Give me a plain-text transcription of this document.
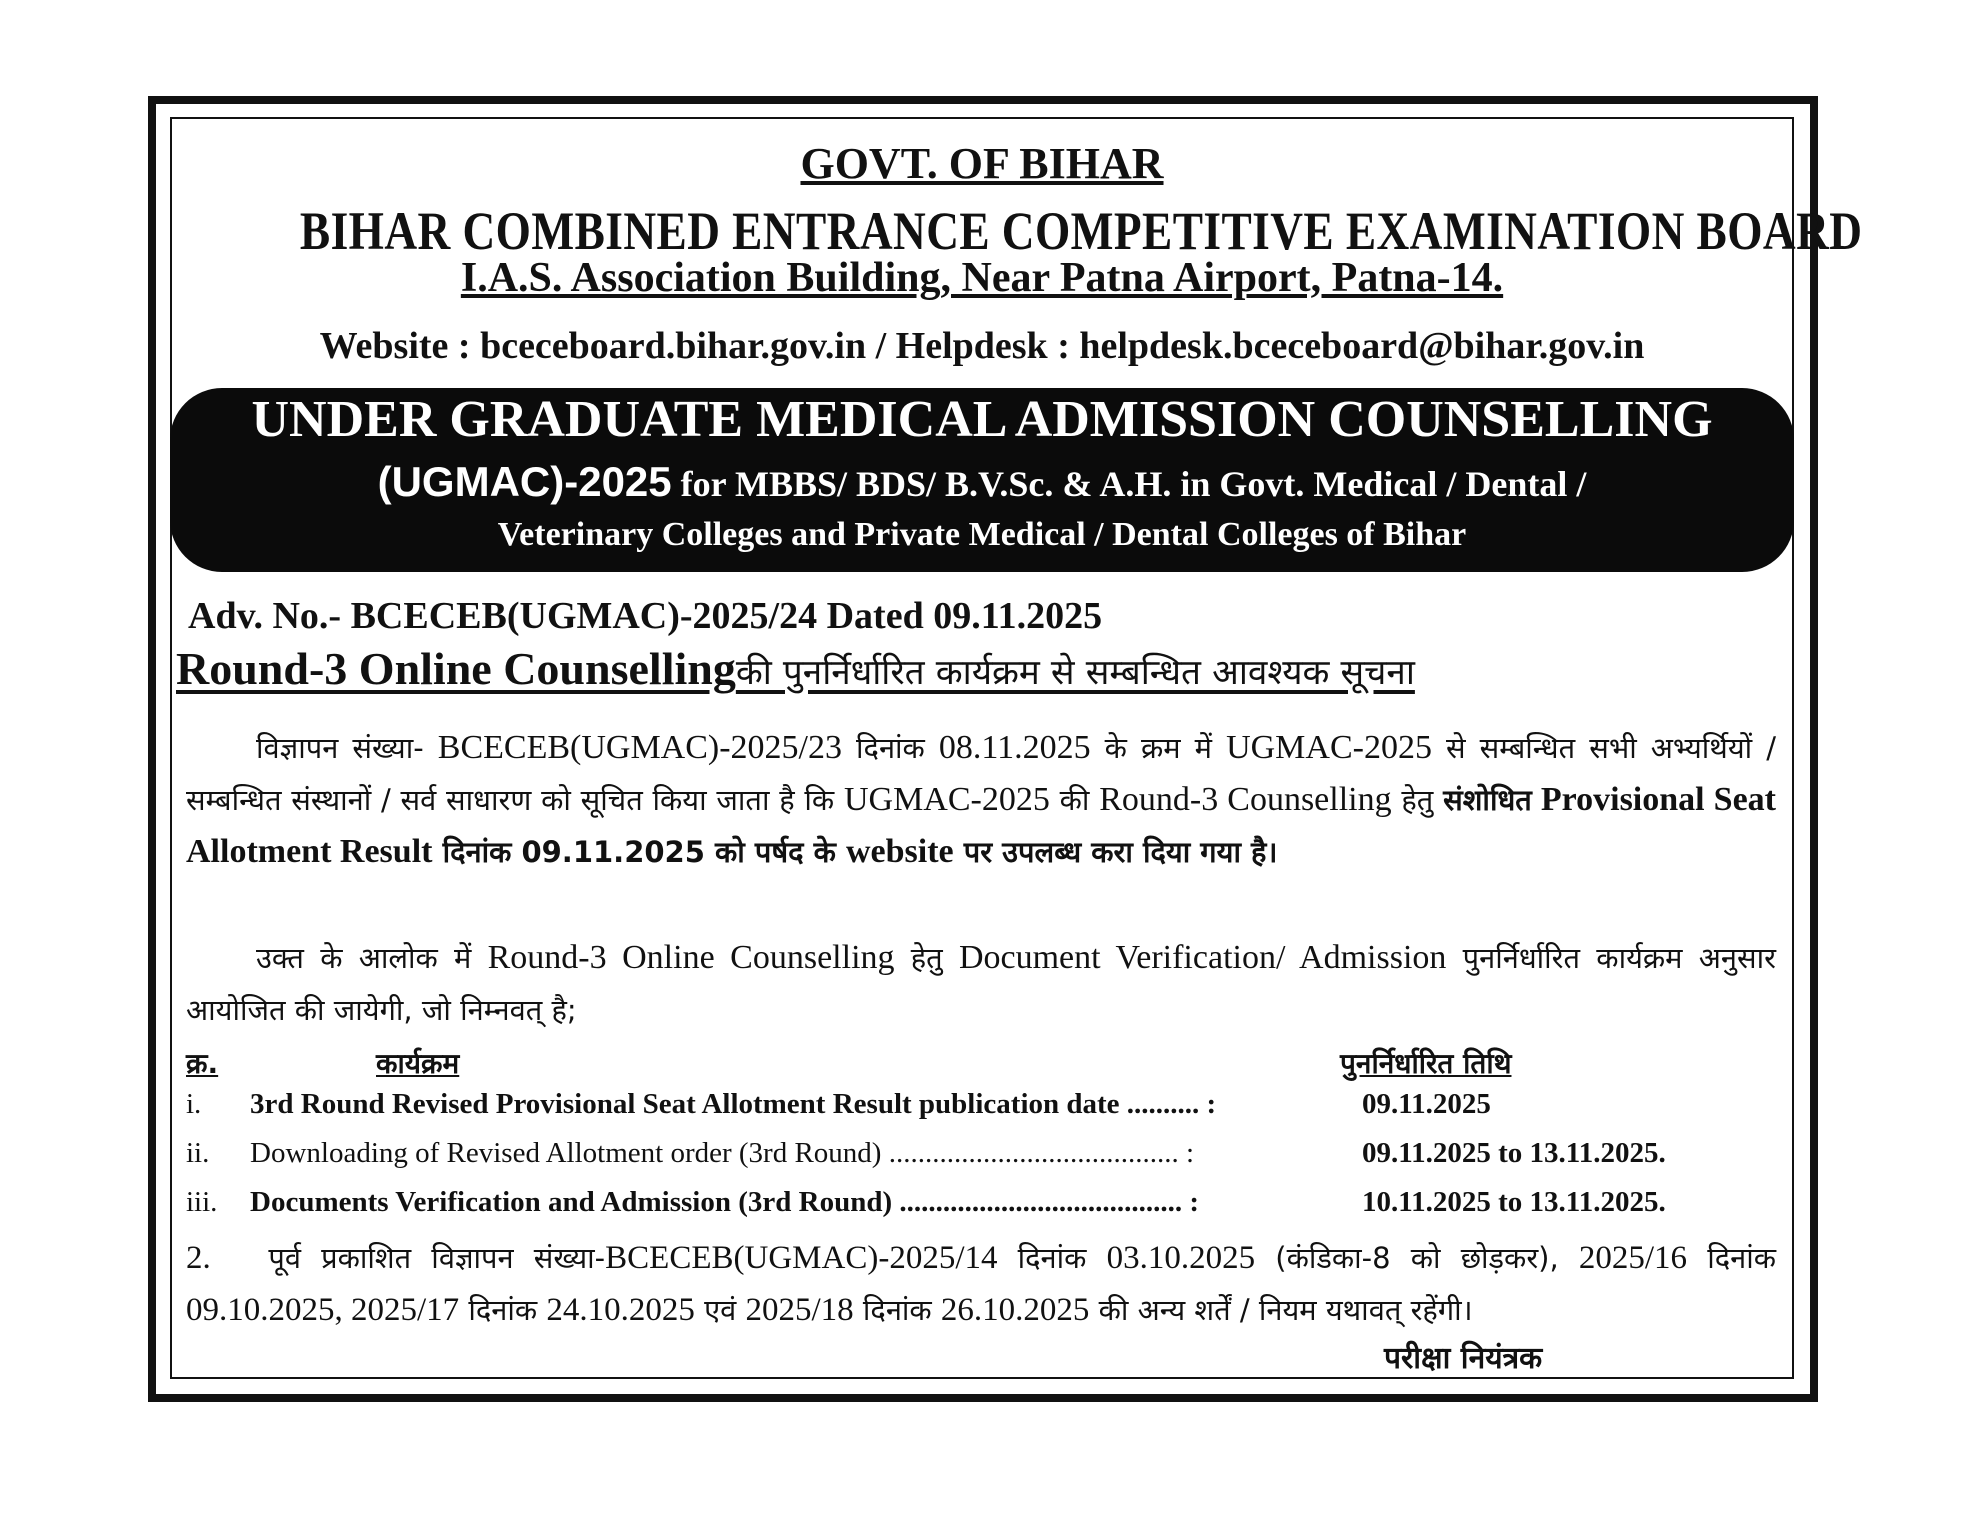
GOVT. OF BIHAR
BIHAR COMBINED ENTRANCE COMPETITIVE EXAMINATION BOARD
I.A.S. Association Building, Near Patna Airport, Patna-14.
Website : bceceboard.bihar.gov.in / Helpdesk : helpdesk.bceceboard@bihar.gov.in
UNDER GRADUATE MEDICAL ADMISSION COUNSELLING
(UGMAC)-2025 for MBBS/ BDS/ B.V.Sc. & A.H. in Govt. Medical / Dental /
Veterinary Colleges and Private Medical / Dental Colleges of Bihar
Adv. No.- BCECEB(UGMAC)-2025/24 Dated 09.11.2025
Round-3 Online Counsellingकी पुनर्निर्धारित कार्यक्रम से सम्बन्धित आवश्यक सूचना
विज्ञापन संख्या- BCECEB(UGMAC)-2025/23 दिनांक 08.11.2025 के क्रम में UGMAC-2025 से सम्बन्धित सभी अभ्यर्थियों / सम्बन्धित संस्थानों / सर्व साधारण को सूचित किया जाता है कि UGMAC-2025 की Round-3 Counselling हेतु संशोधित Provisional Seat Allotment Result दिनांक 09.11.2025 को पर्षद के website पर उपलब्ध करा दिया गया है।
उक्त के आलोक में Round-3 Online Counselling हेतु Document Verification/ Admission पुनर्निर्धारित कार्यक्रम अनुसार आयोजित की जायेगी, जो निम्नवत् है;
क्र.	कार्यक्रम	पुनर्निर्धारित तिथि
i. 3rd Round Revised Provisional Seat Allotment Result publication date .......... :	09.11.2025
ii. Downloading of Revised Allotment order (3rd Round) ........................................ :	09.11.2025 to 13.11.2025.
iii. Documents Verification and Admission (3rd Round) ....................................... :	10.11.2025 to 13.11.2025.
2. पूर्व प्रकाशित विज्ञापन संख्या-BCECEB(UGMAC)-2025/14 दिनांक 03.10.2025 (कंडिका-8 को छोड़कर), 2025/16 दिनांक 09.10.2025, 2025/17 दिनांक 24.10.2025 एवं 2025/18 दिनांक 26.10.2025 की अन्य शर्तें / नियम यथावत् रहेंगी।
परीक्षा नियंत्रक
